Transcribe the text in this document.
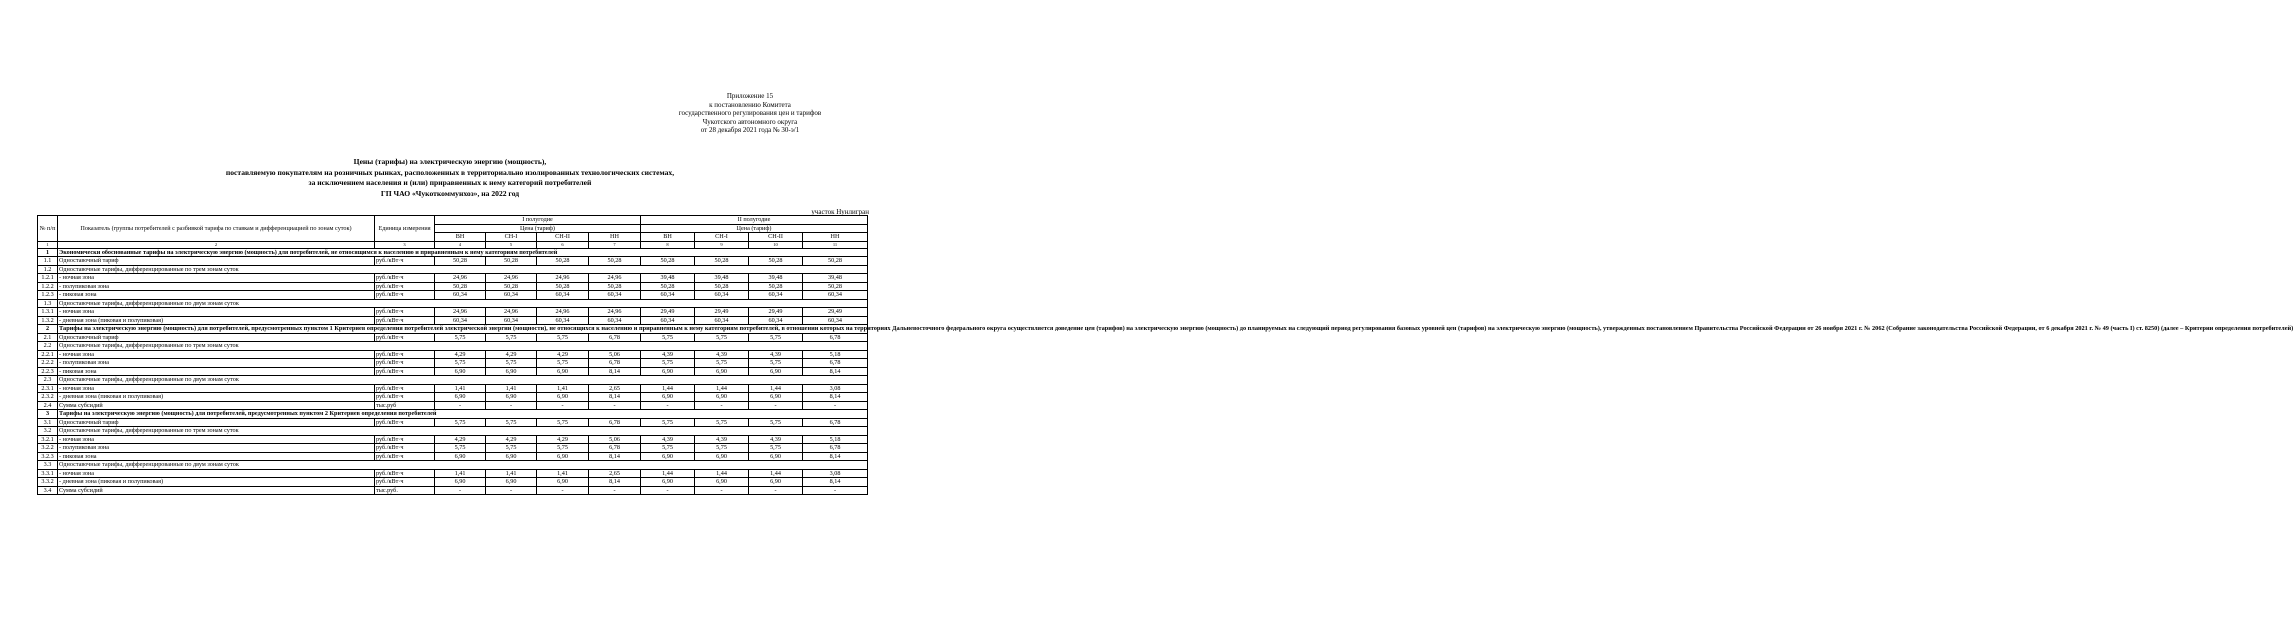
Приложение 15
к постановлению Комитета
государственного регулирования цен и тарифов
Чукотского автономного округа
от 28 декабря 2021 года № 30-э/1
Цены (тарифы) на электрическую энергию (мощность),
поставляемую покупателям на розничных рынках, расположенных в территориально изолированных технологических системах,
за исключением населения и (или) приравненных к нему категорий потребителей
ГП ЧАО «Чукоткоммунхоз», на 2022 год
участок Нунлигран
№ п/п	Показатель (группы потребителей с разбивкой тарифа по ставкам и дифференциацией по зонам суток)	Единица измерения	I полугодие				II полугодие			
			Цена (тариф)				Цена (тариф)			
			ВН	СН-I	СН-II	НН	ВН	СН-I	СН-II	НН
1	2	3	4	5	6	7	8	9	10	11
1	Экономически обоснованные тарифы на электрическую энергию (мощность) для потребителей, не относящимся к населению и приравненным к нему категориям потребителей									
1.1	Одноставочный тариф	руб./кВт·ч	50,28	50,28	50,28	50,28	50,28	50,28	50,28	50,28
1.2	Одноставочные тарифы, дифференцированные по трем зонам суток									
1.2.1	- ночная зона	руб./кВт·ч	24,96	24,96	24,96	24,96	39,48	39,48	39,48	39,48
1.2.2	- полупиковая зона	руб./кВт·ч	50,28	50,28	50,28	50,28	50,28	50,28	50,28	50,28
1.2.3	- пиковая зона	руб./кВт·ч	60,34	60,34	60,34	60,34	60,34	60,34	60,34	60,34
1.3	Одноставочные тарифы, дифференцированные по двум зонам суток									
1.3.1	- ночная зона	руб./кВт·ч	24,96	24,96	24,96	24,96	29,49	29,49	29,49	29,49
1.3.2	- дневная зона (пиковая и полупиковая)	руб./кВт·ч	60,34	60,34	60,34	60,34	60,34	60,34	60,34	60,34
2	Тарифы на электрическую энергию (мощность) для потребителей, предусмотренных пунктом 1 Критериев определения потребителей электрической энергии (мощности), не относящихся к населению и приравненным к нему категориям потребителей, в отношении которых на территориях Дальневосточного федерального округа осуществляется доведение цен (тарифов) на электрическую энергию (мощность) до планируемых на следующий период регулирования базовых уровней цен (тарифов) на электрическую энергию (мощность), утвержденных постановлением Правительства Российской Федерации от 26 ноября 2021 г. № 2062 (Собрание законодательства Российской Федерации, от 6 декабря 2021 г. № 49 (часть I) ст. 8250) (далее – Критерии определения потребителей)									
2.1	Одноставочный тариф	руб./кВт·ч	5,75	5,75	5,75	6,78	5,75	5,75	5,75	6,78
2.2	Одноставочные тарифы, дифференцированные по трем зонам суток									
2.2.1	- ночная зона	руб./кВт·ч	4,29	4,29	4,29	5,06	4,39	4,39	4,39	5,18
2.2.2	- полупиковая зона	руб./кВт·ч	5,75	5,75	5,75	6,78	5,75	5,75	5,75	6,78
2.2.3	- пиковая зона	руб./кВт·ч	6,90	6,90	6,90	8,14	6,90	6,90	6,90	8,14
2.3	Одноставочные тарифы, дифференцированные по двум зонам суток									
2.3.1	- ночная зона	руб./кВт·ч	1,41	1,41	1,41	2,65	1,44	1,44	1,44	3,08
2.3.2	- дневная зона (пиковая и полупиковая)	руб./кВт·ч	6,90	6,90	6,90	8,14	6,90	6,90	6,90	8,14
2.4	Сумма субсидий	тыс.руб	-	-	-	-	-	-	-	-
3	Тарифы на электрическую энергию (мощность) для потребителей, предусмотренных пунктом 2 Критериев определения потребителей									
3.1	Одноставочный тариф	руб./кВт·ч	5,75	5,75	5,75	6,78	5,75	5,75	5,75	6,78
3.2	Одноставочные тарифы, дифференцированные по трем зонам суток									
3.2.1	- ночная зона	руб./кВт·ч	4,29	4,29	4,29	5,06	4,39	4,39	4,39	5,18
3.2.2	- полупиковая зона	руб./кВт·ч	5,75	5,75	5,75	6,78	5,75	5,75	5,75	6,78
3.2.3	- пиковая зона	руб./кВт·ч	6,90	6,90	6,90	8,14	6,90	6,90	6,90	8,14
3.3	Одноставочные тарифы, дифференцированные по двум зонам суток									
3.3.1	- ночная зона	руб./кВт·ч	1,41	1,41	1,41	2,65	1,44	1,44	1,44	3,08
3.3.2	- дневная зона (пиковая и полупиковая)	руб./кВт·ч	6,90	6,90	6,90	8,14	6,90	6,90	6,90	8,14
3.4	Сумма субсидий	тыс.руб.	-	-	-	-	-	-	-	-
